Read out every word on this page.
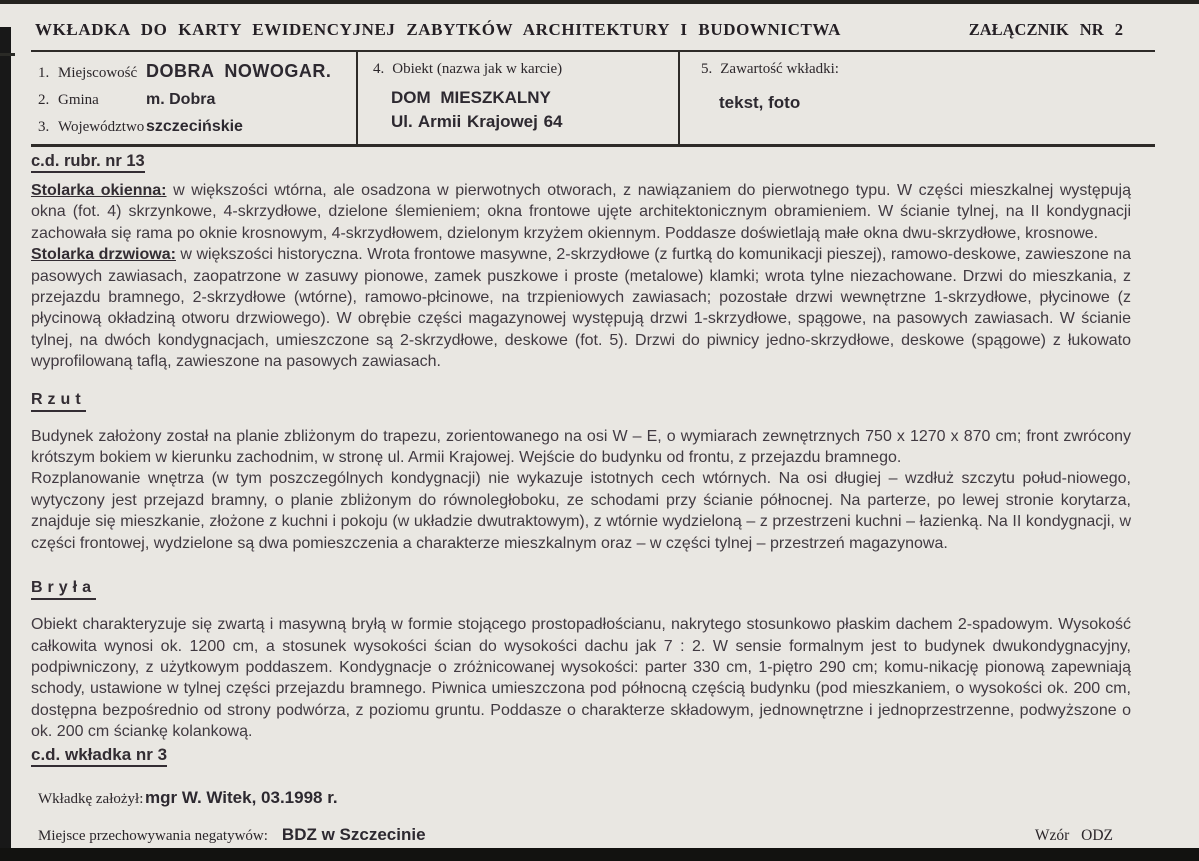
WKŁADKA DO KARTY EWIDENCYJNEJ ZABYTKÓW ARCHITEKTURY I BUDOWNICTWA	ZAŁĄCZNIK NR 2
1. Miejscowość DOBRA NOWOGAR.
2. Gmina	m. Dobra
3. Województwo szczecińskie
4. Obiekt (nazwa jak w karcie)
DOM MIESZKALNY
Ul. Armii Krajowej 64
5. Zawartość wkładki:
tekst, foto
c.d. rubr. nr 13

Stolarka okienna: w większości wtórna, ale osadzona w pierwotnych otworach, z nawiązaniem do pierwotnego typu. W części mieszkalnej występują okna (fot. 4) skrzynkowe, 4-skrzydłowe, dzielone ślemieniem; okna frontowe ujęte architektonicznym obramieniem. W ścianie tylnej, na II kondygnacji zachowała się rama po oknie krosnowym, 4-skrzydłowem, dzielonym krzyżem okiennym. Poddasze doświetlają małe okna dwu-skrzydłowe, krosnowe.

Stolarka drzwiowa: w większości historyczna. Wrota frontowe masywne, 2-skrzydłowe (z furtką do komunikacji pieszej), ramowo-deskowe, zawieszone na pasowych zawiasach, zaopatrzone w zasuwy pionowe, zamek puszkowe i proste (metalowe) klamki; wrota tylne niezachowane. Drzwi do mieszkania, z przejazdu bramnego, 2-skrzydłowe (wtórne), ramowo-płcinowe, na trzpieniowych zawiasach; pozostałe drzwi wewnętrzne 1-skrzydłowe, płycinowe (z płycinową okładziną otworu drzwiowego). W obrębie części magazynowej występują drzwi 1-skrzydłowe, spągowe, na pasowych zawiasach. W ścianie tylnej, na dwóch kondygnacjach, umieszczone są 2-skrzydłowe, deskowe (fot. 5). Drzwi do piwnicy jedno-skrzydłowe, deskowe (spągowe) z łukowato wyprofilowaną taflą, zawieszone na pasowych zawiasach.

Rzut

Budynek założony został na planie zbliżonym do trapezu, zorientowanego na osi W – E, o wymiarach zewnętrznych 750 x 1270 x 870 cm; front zwrócony krótszym bokiem w kierunku zachodnim, w stronę ul. Armii Krajowej. Wejście do budynku od frontu, z przejazdu bramnego.

Rozplanowanie wnętrza (w tym poszczególnych kondygnacji) nie wykazuje istotnych cech wtórnych. Na osi długiej – wzdłuż szczytu połud-niowego, wytyczony jest przejazd bramny, o planie zbliżonym do równoległoboku, ze schodami przy ścianie północnej. Na parterze, po lewej stronie korytarza, znajduje się mieszkanie, złożone z kuchni i pokoju (w układzie dwutraktowym), z wtórnie wydzieloną – z przestrzeni kuchni – łazienką. Na II kondygnacji, w części frontowej, wydzielone są dwa pomieszczenia a charakterze mieszkalnym oraz – w części tylnej – przestrzeń magazynowa.

Bryła

Obiekt charakteryzuje się zwartą i masywną bryłą w formie stojącego prostopadłościanu, nakrytego stosunkowo płaskim dachem 2-spadowym. Wysokość całkowita wynosi ok. 1200 cm, a stosunek wysokości ścian do wysokości dachu jak 7 : 2. W sensie formalnym jest to budynek dwukondygnacyjny, podpiwniczony, z użytkowym poddaszem. Kondygnacje o zróżnicowanej wysokości: parter 330 cm, 1-piętro 290 cm; komu-nikację pionową zapewniają schody, ustawione w tylnej części przejazdu bramnego. Piwnica umieszczona pod północną częścią budynku (pod mieszkaniem, o wysokości ok. 200 cm, dostępna bezpośrednio od strony podwórza, z poziomu gruntu. Poddasze o charakterze składowym, jednownętrzne i jednoprzestrzenne, podwyższone o ok. 200 cm ściankę kolankową.

c.d. wkładka nr 3
Wkładkę założył: mgr W. Witek, 03.1998 r.
Miejsce przechowywania negatywów: BDZ w Szczecinie	Wzór ODZ
